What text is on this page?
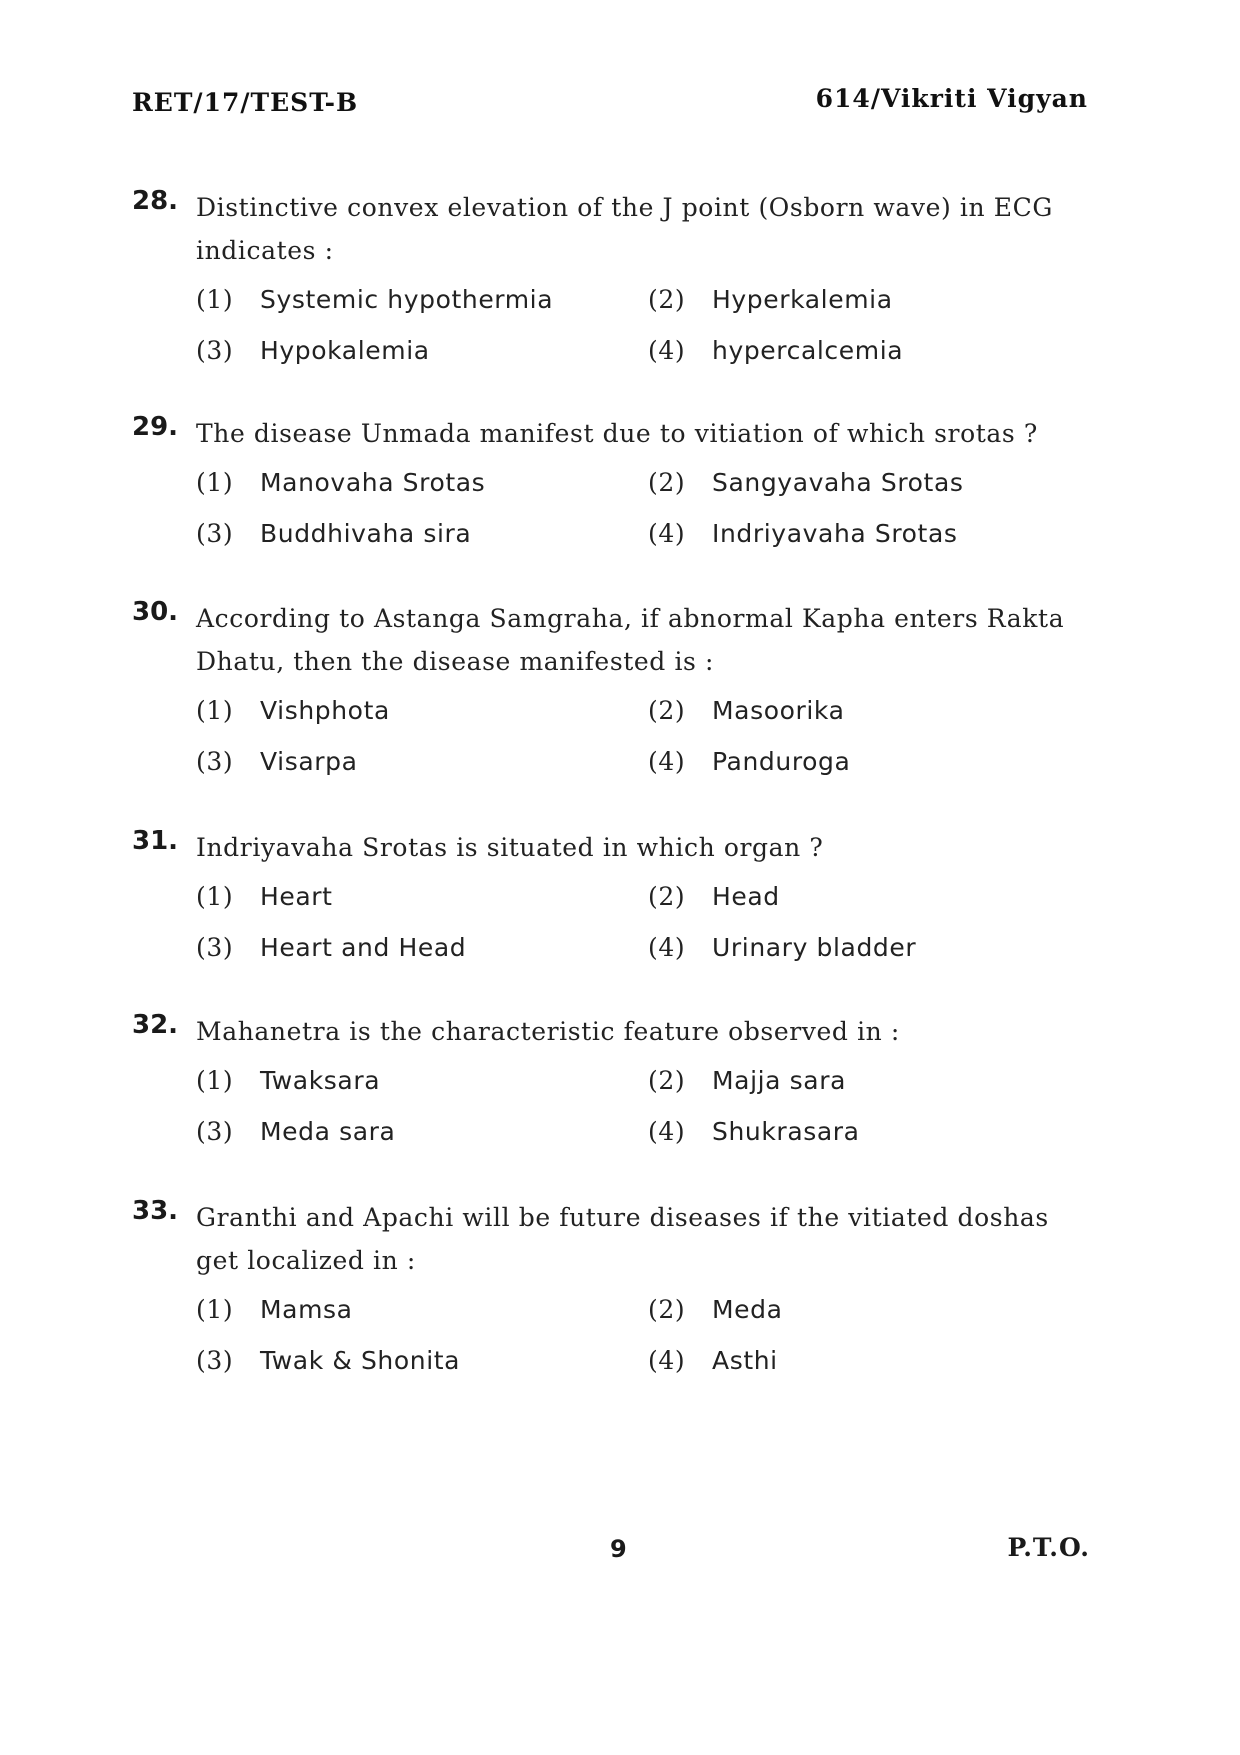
RET/17/TEST-B	614/Vikriti Vigyan
28. Distinctive convex elevation of the J point (Osborn wave) in ECG indicates :
(1)	Systemic hypothermia	(2)	Hyperkalemia
(3)	Hypokalemia	(4)	hypercalcemia
29. The disease Unmada manifest due to vitiation of which srotas ?
(1)	Manovaha Srotas	(2)	Sangyavaha Srotas
(3)	Buddhivaha sira	(4)	Indriyavaha Srotas
30. According to Astanga Samgraha, if abnormal Kapha enters Rakta Dhatu, then the disease manifested is :
(1)	Vishphota	(2)	Masoorika
(3)	Visarpa	(4)	Panduroga
31. Indriyavaha Srotas is situated in which organ ?
(1)	Heart	(2)	Head
(3)	Heart and Head	(4)	Urinary bladder
32. Mahanetra is the characteristic feature observed in :
(1)	Twaksara	(2)	Majja sara
(3)	Meda sara	(4)	Shukrasara
33. Granthi and Apachi will be future diseases if the vitiated doshas get localized in :
(1)	Mamsa	(2)	Meda
(3)	Twak & Shonita	(4)	Asthi
9	P.T.O.
